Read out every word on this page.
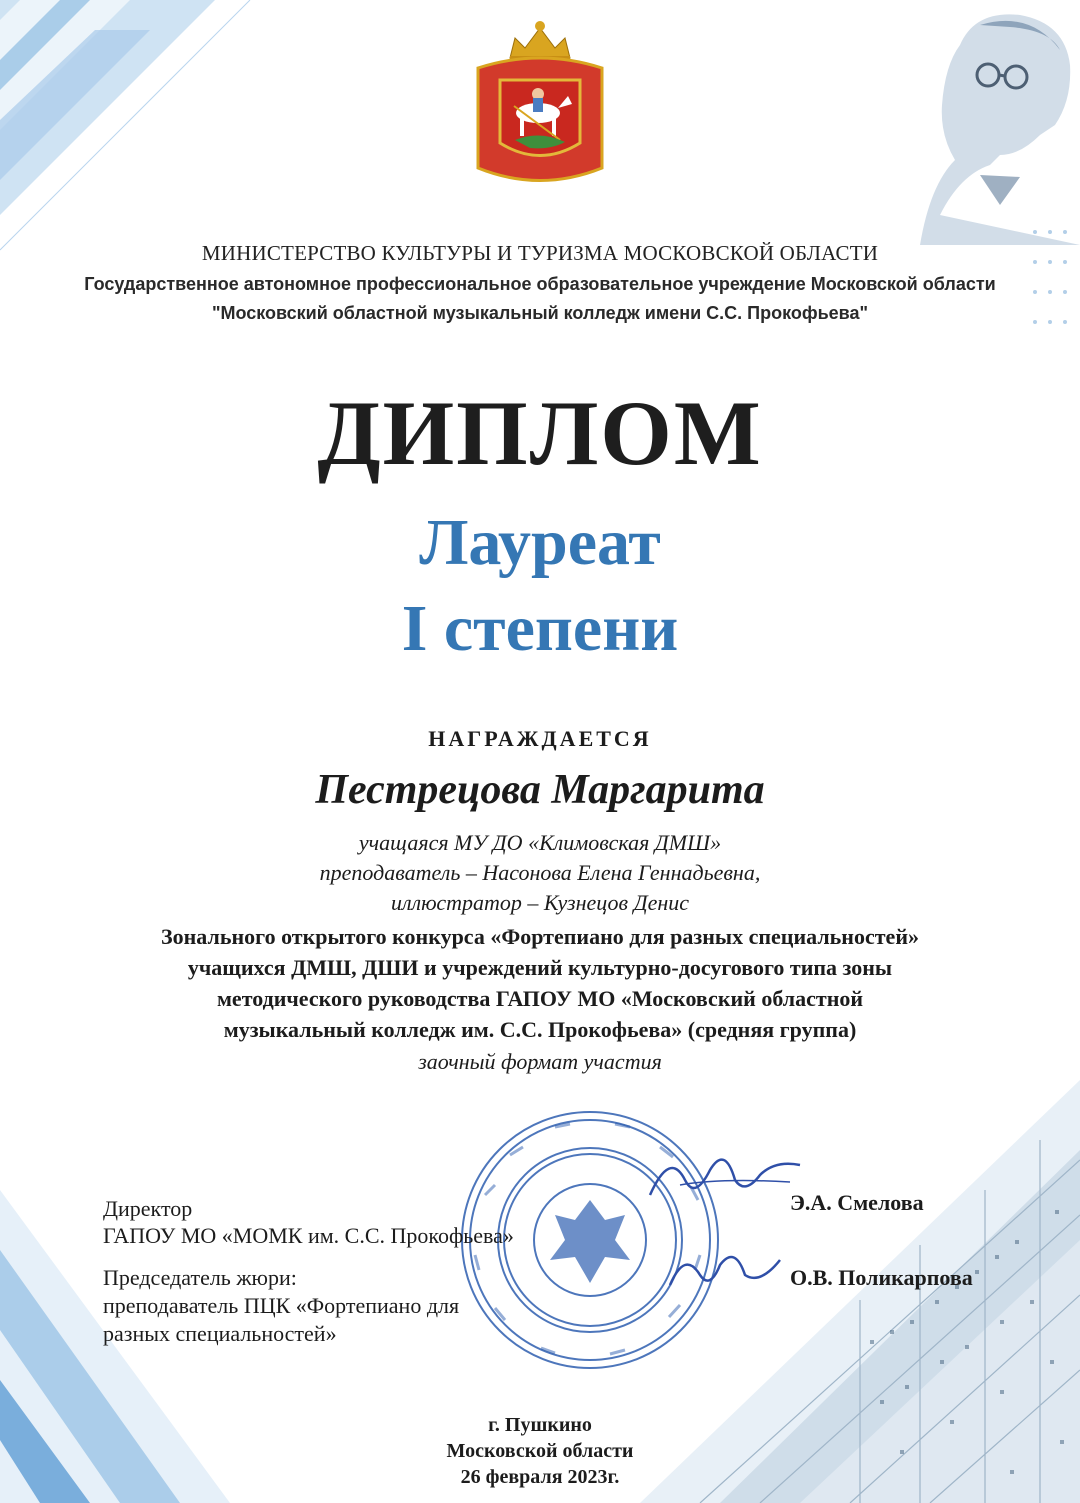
МИНИСТЕРСТВО КУЛЬТУРЫ И ТУРИЗМА МОСКОВСКОЙ ОБЛАСТИ
Государственное автономное профессиональное образовательное учреждение Московской области
"Московский областной музыкальный колледж имени С.С. Прокофьева"
ДИПЛОМ
Лауреат
I степени
НАГРАЖДАЕТСЯ
Пестрецова Маргарита
учащаяся МУ ДО «Климовская ДМШ»
преподаватель – Насонова Елена Геннадьевна,
иллюстратор – Кузнецов Денис
Зонального открытого конкурса «Фортепиано для разных специальностей»
учащихся ДМШ, ДШИ и учреждений культурно-досугового типа зоны
методического руководства ГАПОУ МО «Московский областной
музыкальный колледж им. С.С. Прокофьева» (средняя группа)
заочный формат участия
Директор
ГАПОУ МО «МОМК им. С.С. Прокофьева»
Э.А. Смелова
Председатель жюри:
преподаватель ПЦК «Фортепиано для
разных специальностей»
О.В. Поликарпова
г. Пушкино
Московской области
26 февраля 2023г.
